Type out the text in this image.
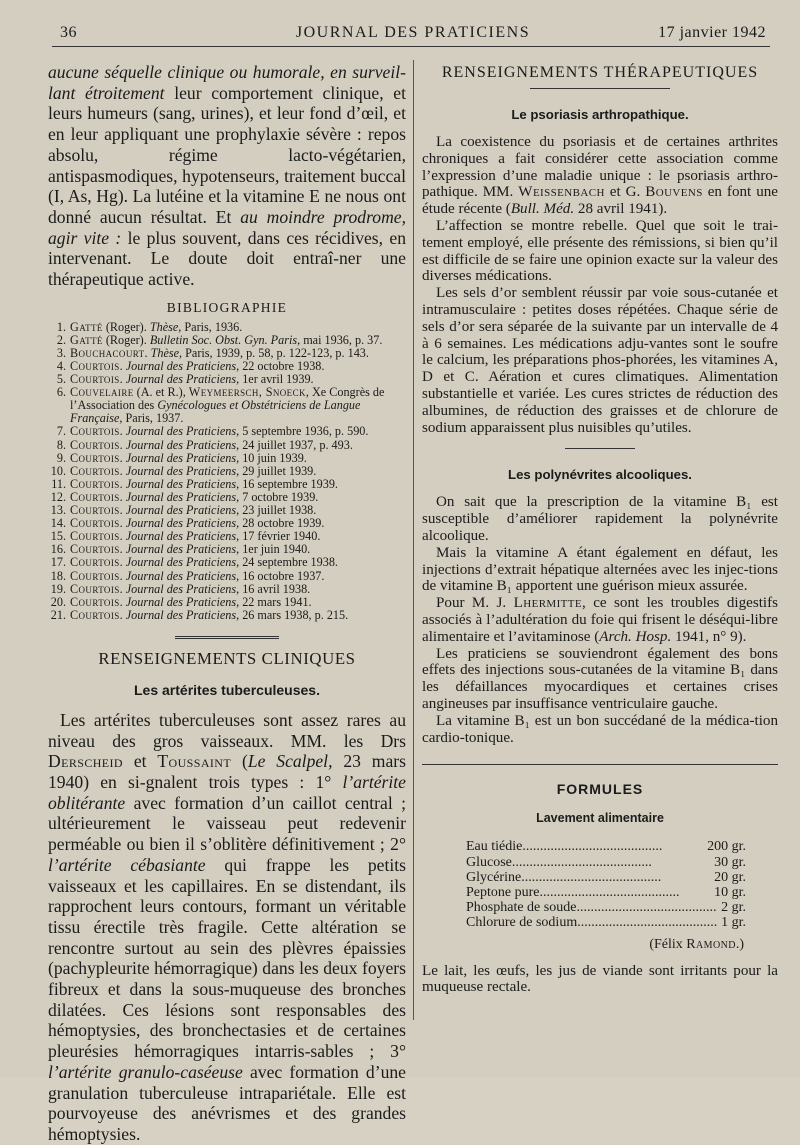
36	JOURNAL DES PRATICIENS	17 janvier 1942

aucune séquelle clinique ou humorale, en surveil-lant étroitement leur comportement clinique, et leurs humeurs (sang, urines), et leur fond d’œil, et en leur appliquant une prophylaxie sévère : repos absolu, régime lacto-végétarien, antispasmodiques, hypotenseurs, traitement buccal (I, As, Hg). La lutéine et la vitamine E ne nous ont donné aucun résultat. Et au moindre prodrome, agir vite : le plus souvent, dans ces récidives, en intervenant. Le doute doit entraî-ner une thérapeutique active.

BIBLIOGRAPHIE
1. Gatté (Roger). Thèse, Paris, 1936.
2. Gatté (Roger). Bulletin Soc. Obst. Gyn. Paris, mai 1936, p. 37.
3. Bouchacourt. Thèse, Paris, 1939, p. 58, p. 122-123, p. 143.
4. Courtois. Journal des Praticiens, 22 octobre 1938.
5. Courtois. Journal des Praticiens, 1er avril 1939.
6. Couvelaire (A. et R.), Weymeersch, Snoeck, Xe Congrès de l’Association des Gynécologues et Obstétriciens de Langue Française, Paris, 1937.
7. Courtois. Journal des Praticiens, 5 septembre 1936, p. 590.
8. Courtois. Journal des Praticiens, 24 juillet 1937, p. 493.
9. Courtois. Journal des Praticiens, 10 juin 1939.
10. Courtois. Journal des Praticiens, 29 juillet 1939.
11. Courtois. Journal des Praticiens, 16 septembre 1939.
12. Courtois. Journal des Praticiens, 7 octobre 1939.
13. Courtois. Journal des Praticiens, 23 juillet 1938.
14. Courtois. Journal des Praticiens, 28 octobre 1939.
15. Courtois. Journal des Praticiens, 17 février 1940.
16. Courtois. Journal des Praticiens, 1er juin 1940.
17. Courtois. Journal des Praticiens, 24 septembre 1938.
18. Courtois. Journal des Praticiens, 16 octobre 1937.
19. Courtois. Journal des Praticiens, 16 avril 1938.
20. Courtois. Journal des Praticiens, 22 mars 1941.
21. Courtois. Journal des Praticiens, 26 mars 1938, p. 215.
RENSEIGNEMENTS CLINIQUES
Les artérites tuberculeuses.

Les artérites tuberculeuses sont assez rares au niveau des gros vaisseaux. MM. les Drs Derscheid et Toussaint (Le Scalpel, 23 mars 1940) en si-gnalent trois types : 1° l’artérite oblitérante avec formation d’un caillot central ; ultérieurement le vaisseau peut redevenir perméable ou bien il s’oblitère définitivement ; 2° l’artérite cébasiante qui frappe les petits vaisseaux et les capillaires. En se distendant, ils rapprochent leurs contours, formant un véritable tissu érectile très fragile. Cette altération se rencontre surtout au sein des plèvres épaissies (pachypleurite hémorragique) dans les deux foyers fibreux et dans la sous-muqueuse des bronches dilatées. Ces lésions sont responsables des hémoptysies, des bronchectasies et de certaines pleurésies hémorragiques intarris-sables ; 3° l’artérite granulo-caséeuse avec formation d’une granulation tuberculeuse intrapariétale. Elle est pourvoyeuse des anévrismes et des grandes hémoptysies.

RENSEIGNEMENTS THÉRAPEUTIQUES
Le psoriasis arthropathique.

La coexistence du psoriasis et de certaines arthrites chroniques a fait considérer cette association comme l’expression d’une maladie unique : le psoriasis arthro-pathique. MM. Weissenbach et G. Bouvens en font une étude récente (Bull. Méd. 28 avril 1941).

L’affection se montre rebelle. Quel que soit le trai-tement employé, elle présente des rémissions, si bien qu’il est difficile de se faire une opinion exacte sur la valeur des diverses médications.

Les sels d’or semblent réussir par voie sous-cutanée et intramusculaire : petites doses répétées. Chaque série de sels d’or sera séparée de la suivante par un intervalle de 4 à 6 semaines. Les médications adju-vantes sont le soufre le calcium, les préparations phos-phorées, les vitamines A, D et C. Aération et cures climatiques. Alimentation substantielle et variée. Les cures strictes de réduction des albumines, de réduction des graisses et de chlorure de sodium apparaissent plus nuisibles qu’utiles.

Les polynévrites alcooliques.

On sait que la prescription de la vitamine B₁ est susceptible d’améliorer rapidement la polynévrite alcoolique.

Mais la vitamine A étant également en défaut, les injections d’extrait hépatique alternées avec les injec-tions de vitamine B₁ apportent une guérison mieux assurée.

Pour M. J. Lhermitte, ce sont les troubles digestifs associés à l’adultération du foie qui frisent le déséqui-libre alimentaire et l’avitaminose (Arch. Hosp. 1941, n° 9).

Les praticiens se souviendront également des bons effets des injections sous-cutanées de la vitamine B₁ dans les défaillances myocardiques et certaines crises angineuses par insuffisance ventriculaire gauche.

La vitamine B₁ est un bon succédané de la médica-tion cardio-tonique.

FORMULES
Lavement alimentaire
Eau tiédie........................................	200 gr.
Glucose........................................	30 gr.
Glycérine........................................	20 gr.
Peptone pure........................................	10 gr.
Phosphate de soude........................................ 2 gr.
Chlorure de sodium........................................ 1 gr.
(Félix Ramond.)

Le lait, les œufs, les jus de viande sont irritants pour la muqueuse rectale.
